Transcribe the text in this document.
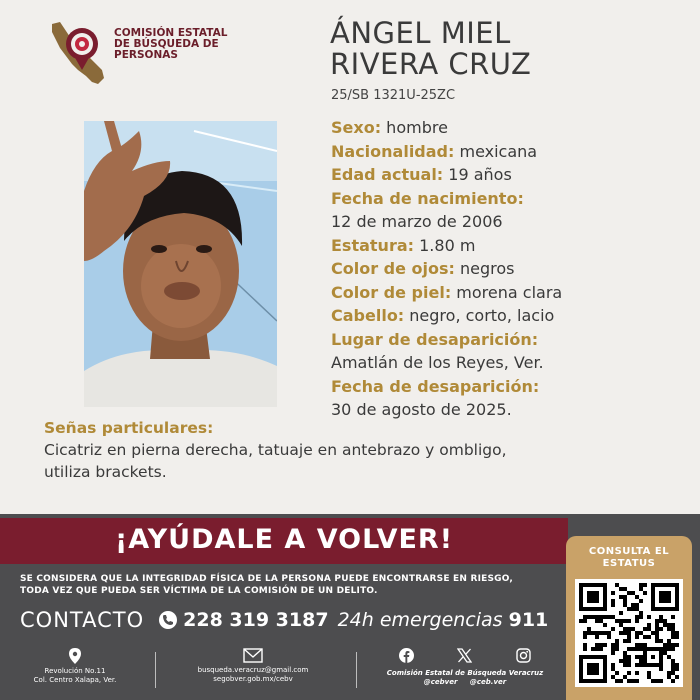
COMISIÓN ESTATAL
DE BÚSQUEDA DE
PERSONAS
ÁNGEL MIEL
RIVERA CRUZ
25/SB 1321U-25ZC
Sexo: hombre
Nacionalidad: mexicana
Edad actual: 19 años
Fecha de nacimiento:
12 de marzo de 2006
Estatura: 1.80 m
Color de ojos: negros
Color de piel: morena clara
Cabello: negro, corto, lacio
Lugar de desaparición:
Amatlán de los Reyes, Ver.
Fecha de desaparición:
30 de agosto de 2025.
Señas particulares:
Cicatriz en pierna derecha, tatuaje en antebrazo y ombligo,
utiliza brackets.
¡AYÚDALE A VOLVER!
SE CONSIDERA QUE LA INTEGRIDAD FÍSICA DE LA PERSONA PUEDE ENCONTRARSE EN RIESGO,
TODA VEZ QUE PUEDA SER VÍCTIMA DE LA COMISIÓN DE UN DELITO.
CONTACTO 228 319 3187 24h emergencias 911
Revolución No.11
Col. Centro Xalapa, Ver.
busqueda.veracruz@gmail.com
segobver.gob.mx/cebv
Comisión Estatal de Búsqueda Veracruz
@cebver @ceb.ver
CONSULTA EL
ESTATUS
